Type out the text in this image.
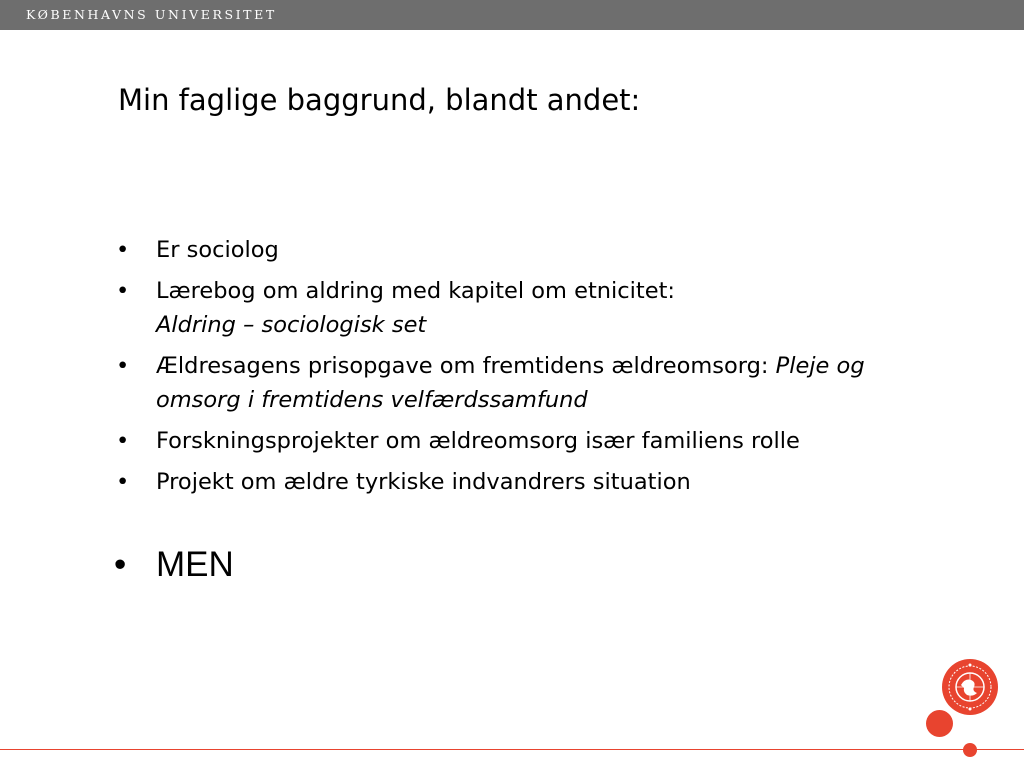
KØBENHAVNS UNIVERSITET
Min faglige baggrund, blandt andet:
• Er sociolog
• Lærebog om aldring med kapitel om etnicitet:
Aldring – sociologisk set
• Ældresagens prisopgave om fremtidens ældreomsorg: Pleje og omsorg i fremtidens velfærdssamfund
• Forskningsprojekter om ældreomsorg især familiens rolle
• Projekt om ældre tyrkiske indvandrers situation
• MEN
